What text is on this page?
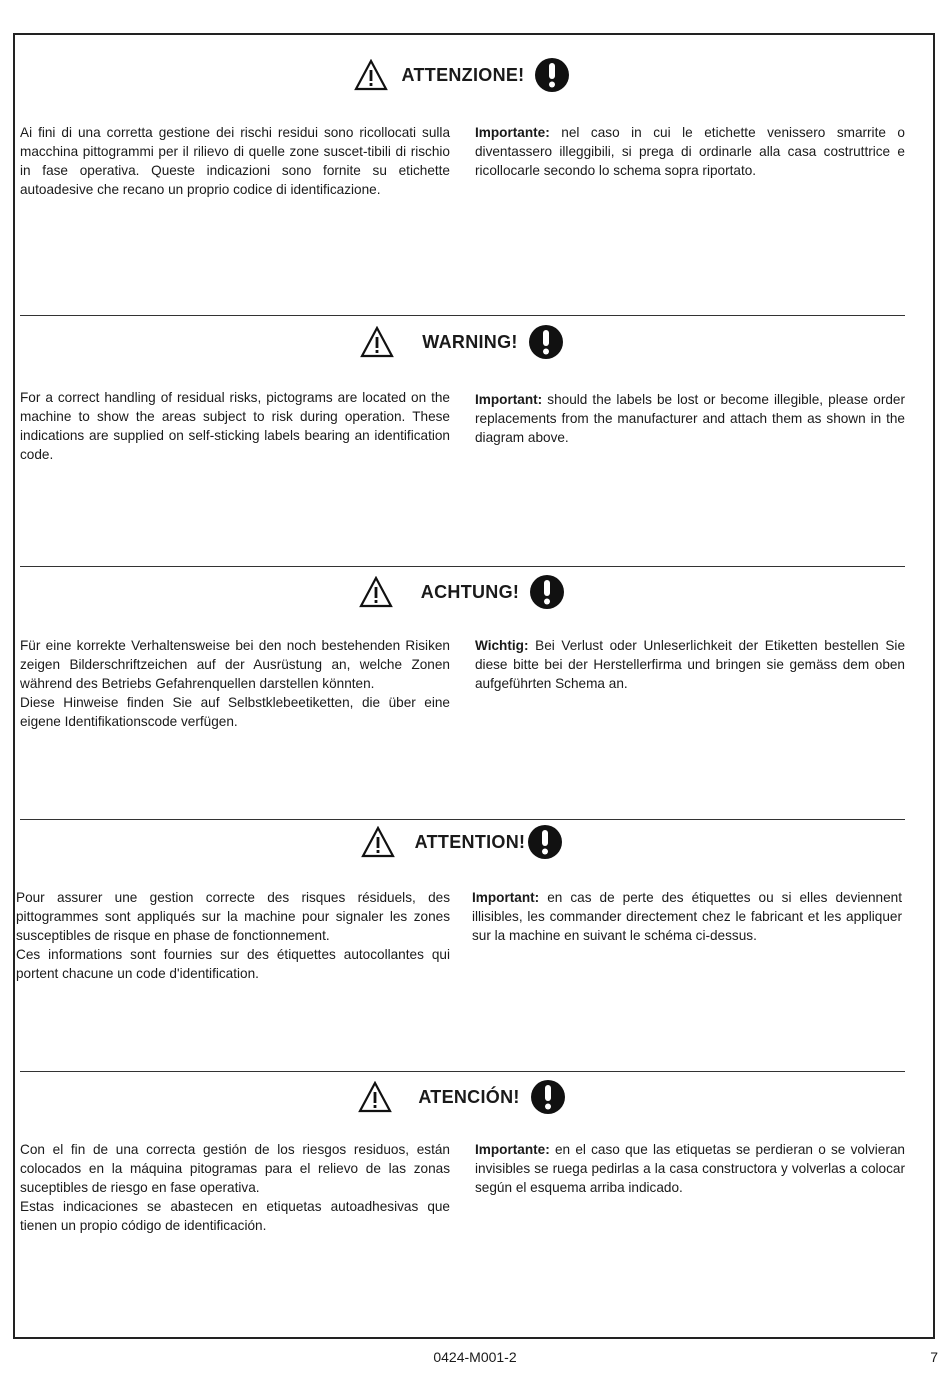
ATTENZIONE!
Ai fini di una corretta gestione dei rischi residui sono ricollocati sulla macchina pittogrammi per il rilievo di quelle zone suscet-tibili di rischio in fase operativa. Queste indicazioni sono fornite su etichette autoadesive che recano un proprio codice di identificazione.
Importante: nel caso in cui le etichette venissero smarrite o diventassero illeggibili, si prega di ordinarle alla casa costruttrice e ricollocarle secondo lo schema sopra riportato.
WARNING!
For a correct handling of residual risks, pictograms are located on the machine to show the areas subject to risk during operation. These indications are supplied on self-sticking labels bearing an identification code.
Important: should the labels be lost or become illegible, please order replacements from the manufacturer and attach them as shown in the diagram above.
ACHTUNG!
Für eine korrekte Verhaltensweise bei den noch bestehenden Risiken zeigen Bilderschriftzeichen auf der Ausrüstung an, welche Zonen während des Betriebs Gefahrenquellen darstellen könnten.
Diese Hinweise finden Sie auf Selbstklebeetiketten, die über eine eigene Identifikationscode verfügen.
Wichtig: Bei Verlust oder Unleserlichkeit der Etiketten bestellen Sie diese bitte bei der Herstellerfirma und bringen sie gemäss dem oben aufgeführten Schema an.
ATTENTION!
Pour assurer une gestion correcte des risques résiduels, des pittogrammes sont appliqués sur la machine pour signaler les zones susceptibles de risque en phase de fonctionnement.
Ces informations sont fournies sur des étiquettes autocollantes qui portent chacune un code d'identification.
Important: en cas de perte des étiquettes ou si elles deviennent illisibles, les commander directement chez le fabricant et les appliquer sur la machine en suivant le schéma ci-dessus.
ATENCIÓN!
Con el fin de una correcta gestión de los riesgos residuos, están colocados en la máquina pitogramas para el relievo de las zonas suceptibles de riesgo en fase operativa.
Estas indicaciones se abastecen en etiquetas autoadhesivas que tienen un propio código de identificación.
Importante: en el caso que las etiquetas se perdieran o se volvieran invisibles se ruega pedirlas a la casa constructora y volverlas a colocar según el esquema arriba indicado.
0424-M001-2	7
